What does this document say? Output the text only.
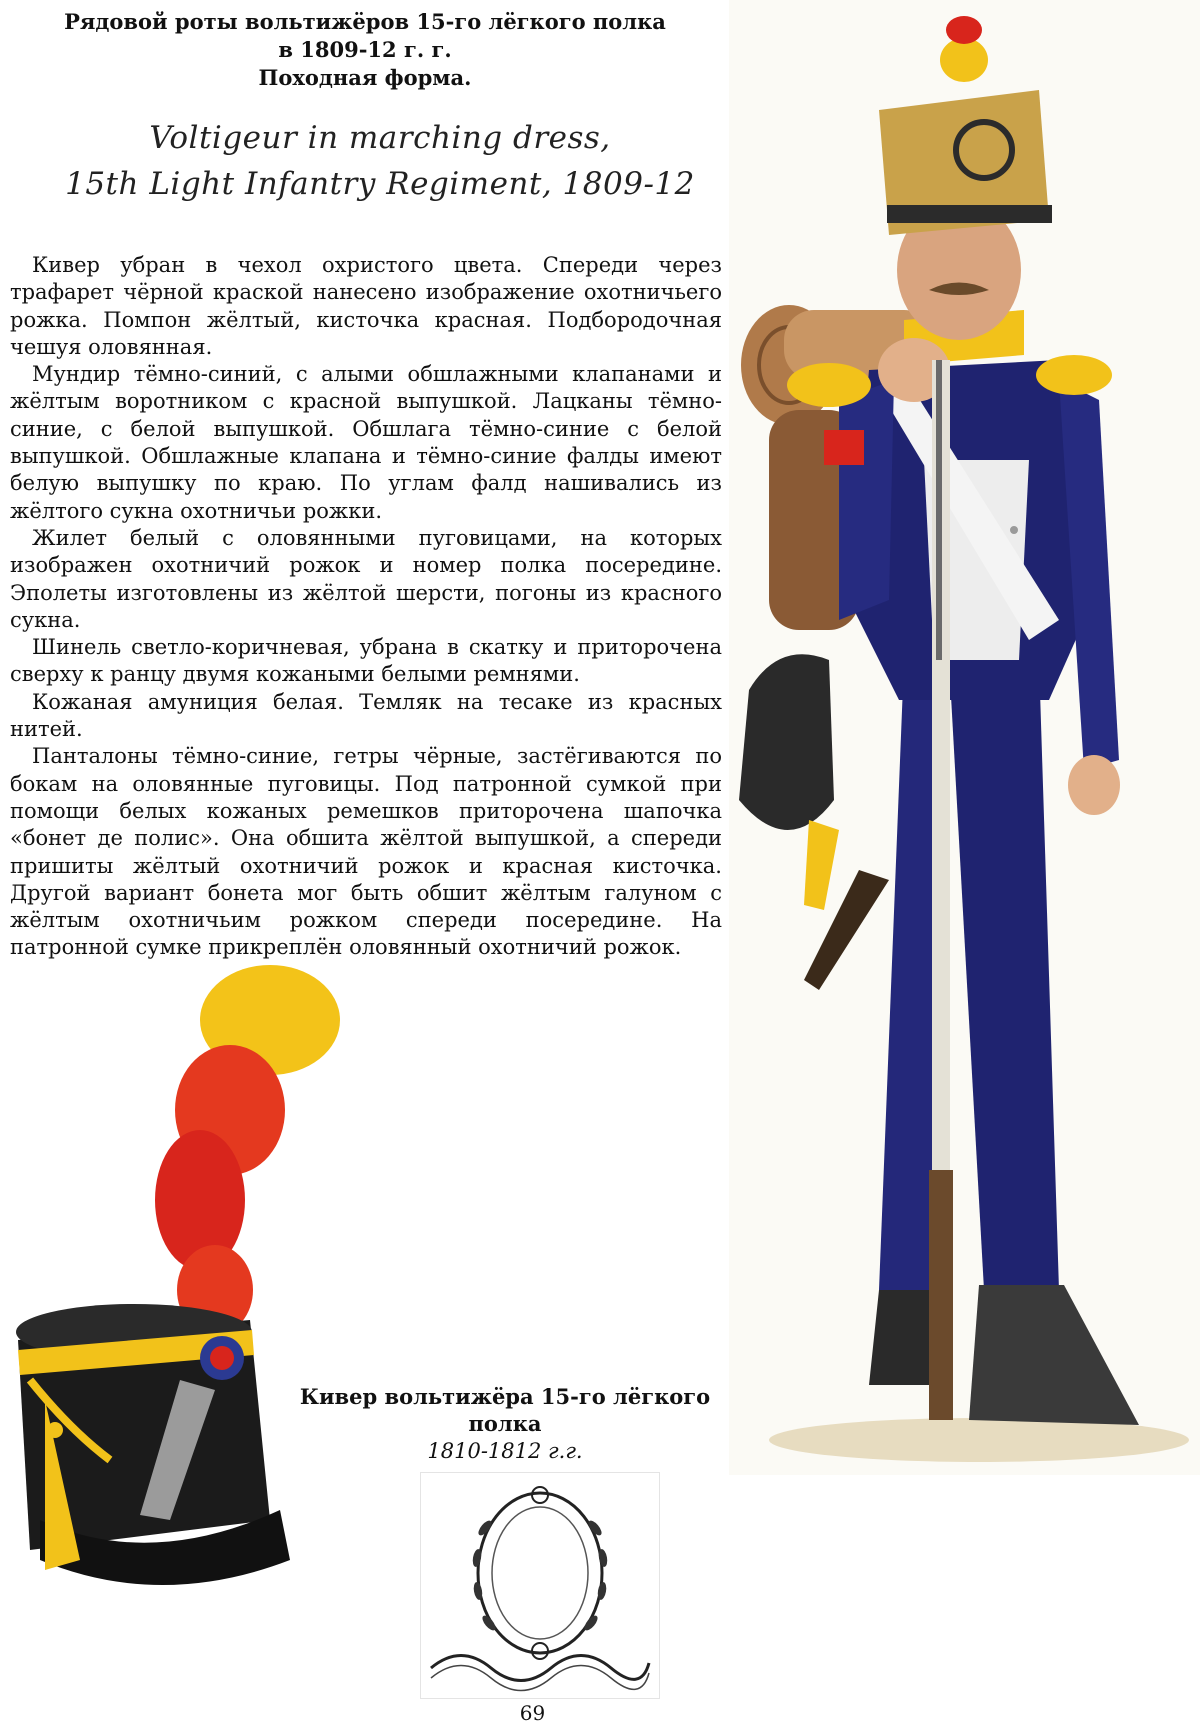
Рядовой роты вольтижёров 15-го лёгкого полка
в 1809-12 г. г.
Походная форма.
Voltigeur in marching dress,
15th Light Infantry Regiment, 1809-12

Кивер убран в чехол охристого цвета. Спереди через трафарет чёрной краской нанесено изображение охотничьего рожка. Помпон жёлтый, кисточка красная. Подбородочная чешуя оловянная.

Мундир тёмно-синий, с алыми обшлажными клапанами и жёлтым воротником с красной выпушкой. Лацканы тёмно-синие, с белой выпушкой. Обшлага тёмно-синие с белой выпушкой. Обшлажные клапана и тёмно-синие фалды имеют белую выпушку по краю. По углам фалд нашивались из жёлтого сукна охотничьи рожки.

Жилет белый с оловянными пуговицами, на которых изображен охотничий рожок и номер полка посередине. Эполеты изготовлены из жёлтой шерсти, погоны из красного сукна.

Шинель светло-коричневая, убрана в скатку и приторочена сверху к ранцу двумя кожаными белыми ремнями.

Кожаная амуниция белая. Темляк на тесаке из красных нитей.

Панталоны тёмно-синие, гетры чёрные, застёгиваются по бокам на оловянные пуговицы. Под патронной сумкой при помощи белых кожаных ремешков приторочена шапочка «бонет де полис». Она обшита жёлтой выпушкой, а спереди пришиты жёлтый охотничий рожок и красная кисточка. Другой вариант бонета мог быть обшит жёлтым галуном с жёлтым охотничьим рожком спереди посередине. На патронной сумке прикреплён оловянный охотничий рожок.

Кивер вольтижёра 15-го лёгкого
полка
1810-1812 г.г.
69
